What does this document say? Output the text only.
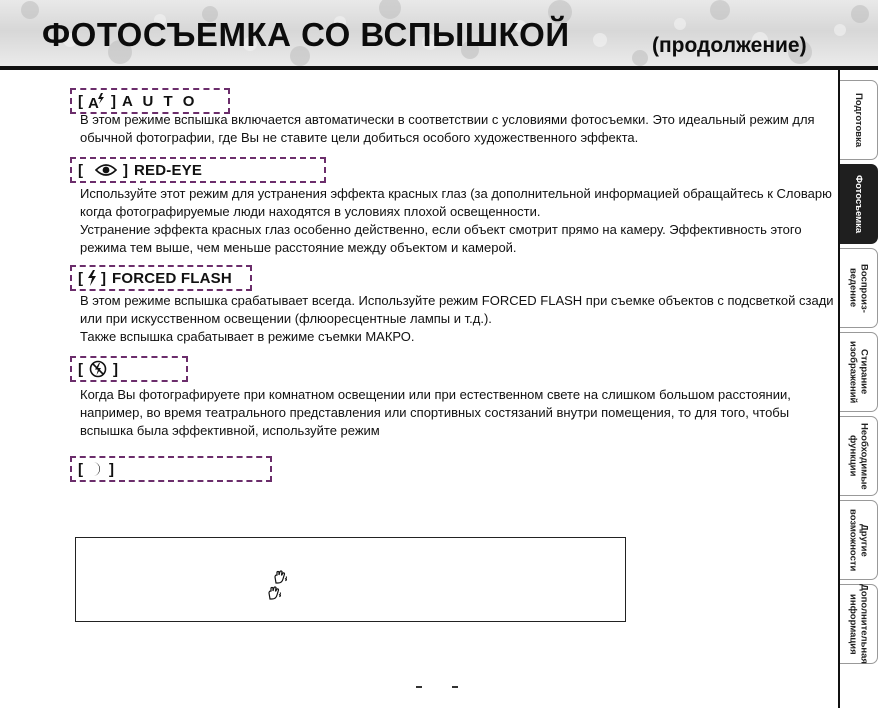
ФОТОСЪЕМКА СО ВСПЫШКОЙ	(продолжение)
[ A ] A U T O
В этом режиме вспышка включается автоматически в соответствии с условиями фотосъемки. Это идеальный режим для
обычной фотографии, где Вы не ставите цели добиться особого художественного эффекта.
[	] RED-EYE
Используйте этот режим для устранения эффекта красных глаз (за дополнительной информацией обращайтесь к Словарю
когда фотографируемые люди находятся в условиях плохой освещенности.
Устранение эффекта красных глаз особенно действенно, если объект смотрит прямо на камеру. Эффективность этого
режима тем выше, чем меньше расстояние между объектом и камерой.
[ ] FORCED FLASH
В этом режиме вспышка срабатывает всегда. Используйте режим FORCED FLASH при съемке объектов с подсветкой сзади
или при искусственном освещении (флюоресцентные лампы и т.д.).
Также вспышка срабатывает в режиме съемки МАКРО.
[ ]
Когда Вы фотографируете при комнатном освещении или при естественном свете на слишком большом расстоянии,
например, во время театрального представления или спортивных состязаний внутри помещения, то для того, чтобы
вспышка была эффективной, используйте режим
[ ]
Подготовка
Фотосъемка
Воспроиз-
ведение
Стирание
изображений
Необходимые
функции
Другие
возможности
Дополнительная
информация
